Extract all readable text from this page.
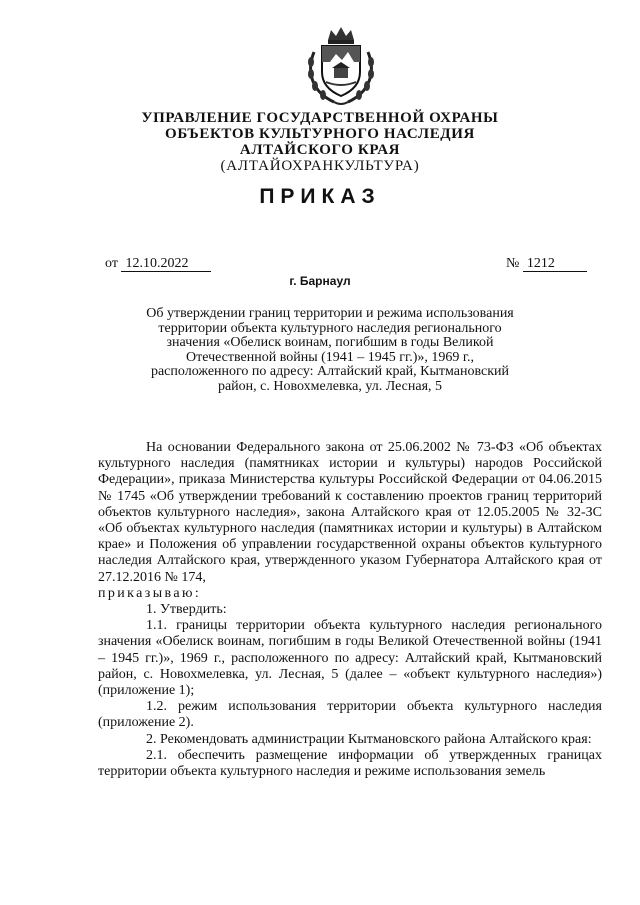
УПРАВЛЕНИЕ ГОСУДАРСТВЕННОЙ ОХРАНЫ
ОБЪЕКТОВ КУЛЬТУРНОГО НАСЛЕДИЯ
АЛТАЙСКОГО КРАЯ
(АЛТАЙОХРАНКУЛЬТУРА)
ПРИКАЗ
от 12.10.2022	№ 1212
г. Барнаул
Об утверждении границ территории и режима использования
территории объекта культурного наследия регионального
значения «Обелиск воинам, погибшим в годы Великой
Отечественной войны (1941 – 1945 гг.)», 1969 г.,
расположенного по адресу: Алтайский край, Кытмановский
район, с. Новохмелевка, ул. Лесная, 5

На основании Федерального закона от 25.06.2002 № 73-ФЗ «Об объектах культурного наследия (памятниках истории и культуры) народов Российской Федерации», приказа Министерства культуры Российской Федерации от 04.06.2015 № 1745 «Об утверждении требований к составлению проектов границ территорий объектов культурного наследия», закона Алтайского края от 12.05.2005 № 32-ЗС «Об объектах культурного наследия (памятниках истории и культуры) в Алтайском крае» и Положения об управлении государственной охраны объектов культурного наследия Алтайского края, утвержденного указом Губернатора Алтайского края от 27.12.2016 № 174,

приказываю:

1. Утвердить:

1.1. границы территории объекта культурного наследия регионального значения «Обелиск воинам, погибшим в годы Великой Отечественной войны (1941 – 1945 гг.)», 1969 г., расположенного по адресу: Алтайский край, Кытмановский район, с. Новохмелевка, ул. Лесная, 5 (далее – «объект культурного наследия») (приложение 1);

1.2. режим использования территории объекта культурного наследия (приложение 2).

2. Рекомендовать администрации Кытмановского района Алтайского края:

2.1. обеспечить размещение информации об утвержденных границах территории объекта культурного наследия и режиме использования земель
